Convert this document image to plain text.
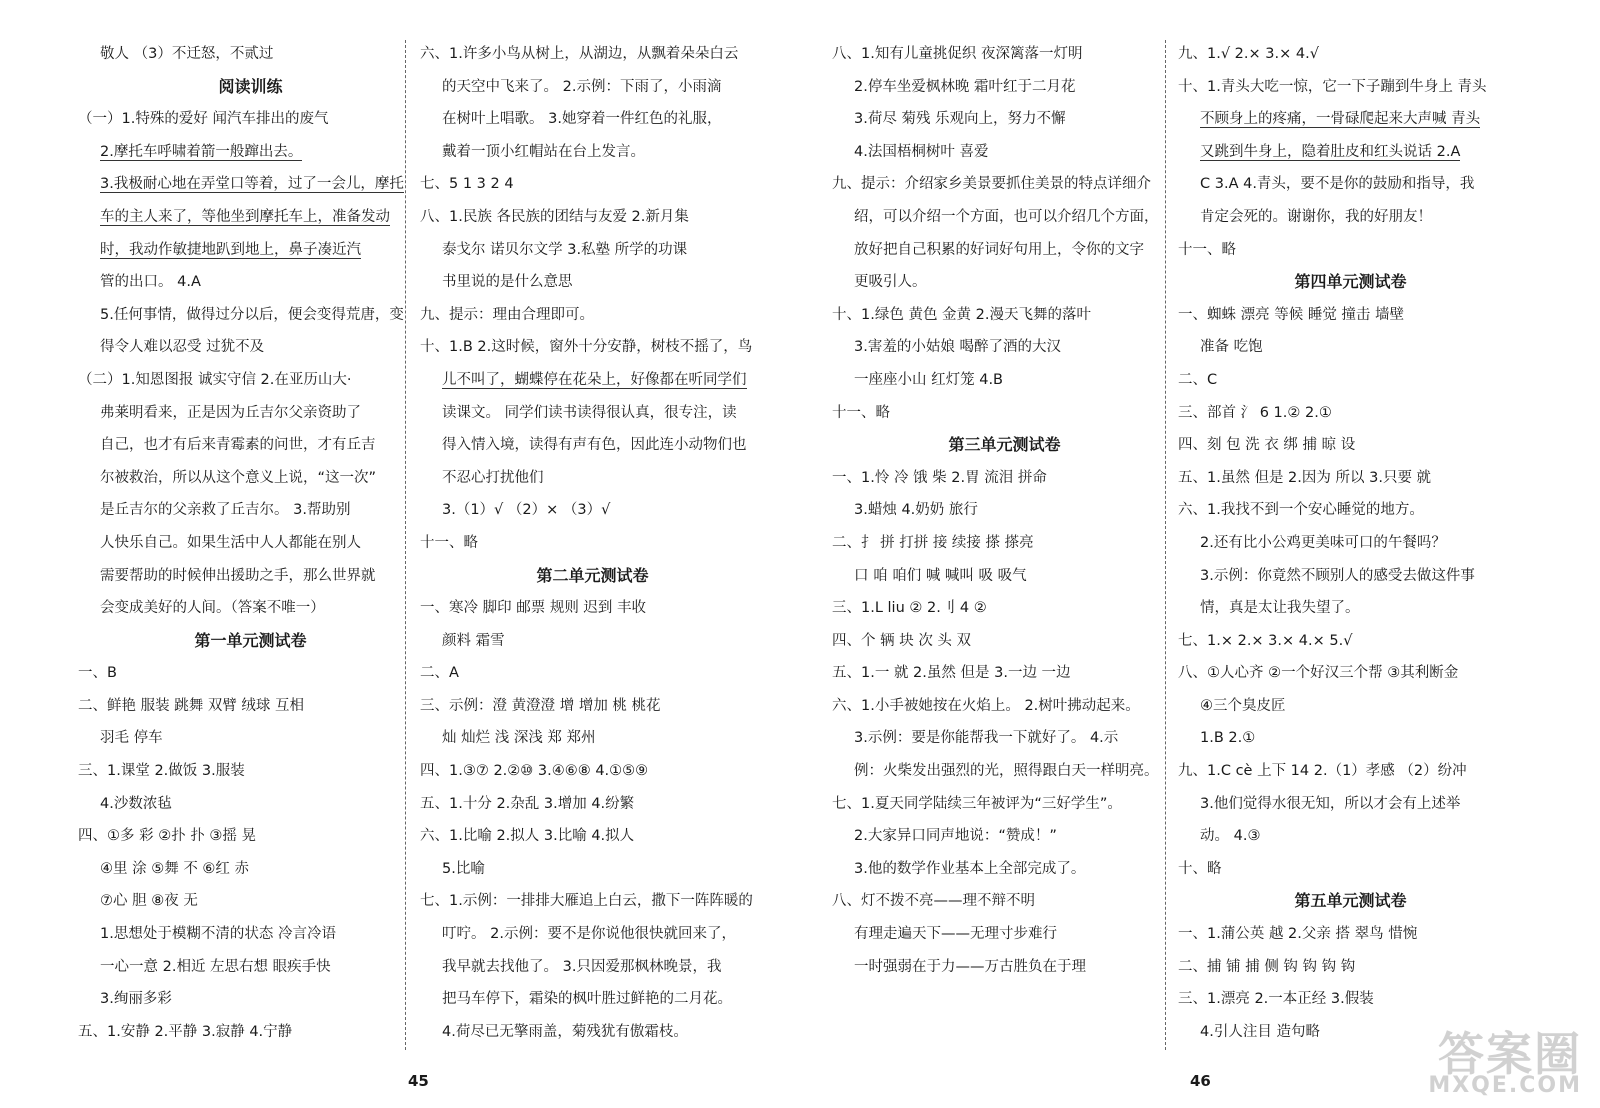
敬人 （3）不迁怒，不贰过
阅读训练
（一）1.特殊的爱好 闻汽车排出的废气
2.摩托车呼啸着箭一般蹿出去。
3.我极耐心地在弄堂口等着，过了一会儿，摩托
车的主人来了，等他坐到摩托车上，准备发动
时，我动作敏捷地趴到地上，鼻子凑近汽
管的出口。 4.A
5.任何事情，做得过分以后，便会变得荒唐，变
得令人难以忍受 过犹不及
（二）1.知恩图报 诚实守信 2.在亚历山大·
弗莱明看来，正是因为丘吉尔父亲资助了
自己，也才有后来青霉素的问世，才有丘吉
尔被救治，所以从这个意义上说，“这一次”
是丘吉尔的父亲救了丘吉尔。 3.帮助别
人快乐自己。如果生活中人人都能在别人
需要帮助的时候伸出援助之手，那么世界就
会变成美好的人间。（答案不唯一）
第一单元测试卷
一、B
二、鲜艳 服装 跳舞 双臂 绒球 互相
羽毛 停车
三、1.课堂 2.做饭 3.服装
4.沙数浓毡
四、①多 彩 ②扑 扑 ③摇 晃
④里 涂 ⑤舞 不 ⑥红 赤
⑦心 胆 ⑧夜 无
1.思想处于模糊不清的状态 冷言冷语
一心一意 2.相近 左思右想 眼疾手快
3.绚丽多彩
五、1.安静 2.平静 3.寂静 4.宁静
六、1.许多小鸟从树上，从湖边，从飘着朵朵白云
的天空中飞来了。 2.示例：下雨了，小雨滴
在树叶上唱歌。 3.她穿着一件红色的礼服，
戴着一顶小红帽站在台上发言。
七、5 1 3 2 4
八、1.民族 各民族的团结与友爱 2.新月集
泰戈尔 诺贝尔文学 3.私塾 所学的功课
书里说的是什么意思
九、提示：理由合理即可。
十、1.B 2.这时候，窗外十分安静，树枝不摇了，鸟
儿不叫了，蝴蝶停在花朵上，好像都在听同学们
读课文。 同学们读书读得很认真，很专注，读
得入情入境，读得有声有色，因此连小动物们也
不忍心打扰他们
3.（1）√ （2）× （3）√
十一、略
第二单元测试卷
一、寒冷 脚印 邮票 规则 迟到 丰收
颜料 霜雪
二、A
三、示例：澄 黄澄澄 增 增加 桃 桃花
灿 灿烂 浅 深浅 郑 郑州
四、1.③⑦ 2.②⑩ 3.④⑥⑧ 4.①⑤⑨
五、1.十分 2.杂乱 3.增加 4.纷繁
六、1.比喻 2.拟人 3.比喻 4.拟人
5.比喻
七、1.示例：一排排大雁追上白云，撒下一阵阵暖的
叮咛。 2.示例：要不是你说他很快就回来了，
我早就去找他了。 3.只因爱那枫林晚景，我
把马车停下，霜染的枫叶胜过鲜艳的二月花。
4.荷尽已无擎雨盖，菊残犹有傲霜枝。
45
八、1.知有儿童挑促织 夜深篱落一灯明
2.停车坐爱枫林晚 霜叶红于二月花
3.荷尽 菊残 乐观向上，努力不懈
4.法国梧桐树叶 喜爱
九、提示：介绍家乡美景要抓住美景的特点详细介
绍，可以介绍一个方面，也可以介绍几个方面，
放好把自己积累的好词好句用上，令你的文字
更吸引人。
十、1.绿色 黄色 金黄 2.漫天飞舞的落叶
3.害羞的小姑娘 喝醉了酒的大汉
一座座小山 红灯笼 4.B
十一、略
第三单元测试卷
一、1.怜 冷 饿 柴 2.胃 流泪 拼命
3.蜡烛 4.奶奶 旅行
二、扌 拼 打拼 接 续接 搽 搽亮
口 咱 咱们 喊 喊叫 吸 吸气
三、1.L liu ② 2.刂 4 ②
四、个 辆 块 次 头 双
五、1.一 就 2.虽然 但是 3.一边 一边
六、1.小手被她按在火焰上。 2.树叶拂动起来。
3.示例：要是你能帮我一下就好了。 4.示
例：火柴发出强烈的光，照得跟白天一样明亮。
七、1.夏天同学陆续三年被评为“三好学生”。
2.大家异口同声地说：“赞成！”
3.他的数学作业基本上全部完成了。
八、灯不拨不亮——理不辩不明
有理走遍天下——无理寸步难行
一时强弱在于力——万古胜负在于理
九、1.√ 2.× 3.× 4.√
十、1.青头大吃一惊，它一下子蹦到牛身上 青头
不顾身上的疼痛，一骨碌爬起来大声喊 青头
又跳到牛身上，隐着肚皮和红头说话 2.A
C 3.A 4.青头，要不是你的鼓励和指导，我
肯定会死的。谢谢你，我的好朋友！
十一、略
第四单元测试卷
一、蜘蛛 漂亮 等候 睡觉 撞击 墙壁
准备 吃饱
二、C
三、部首 氵 6 1.② 2.①
四、刻 包 洗 衣 绑 捕 晾 设
五、1.虽然 但是 2.因为 所以 3.只要 就
六、1.我找不到一个安心睡觉的地方。
2.还有比小公鸡更美味可口的午餐吗？
3.示例：你竟然不顾别人的感受去做这件事
情，真是太让我失望了。
七、1.× 2.× 3.× 4.× 5.√
八、①人心齐 ②一个好汉三个帮 ③其利断金
④三个臭皮匠
1.B 2.①
九、1.C cè 上下 14 2.（1）孝感 （2）纷冲
3.他们觉得水很无知，所以才会有上述举
动。 4.③
十、略
第五单元测试卷
一、1.蒲公英 越 2.父亲 搭 翠鸟 惜惋
二、捕 铺 捕 侧 钩 钩 钩 钩
三、1.漂亮 2.一本正经 3.假装
4.引人注目 造句略
46	答案圈
MXQE.COM
